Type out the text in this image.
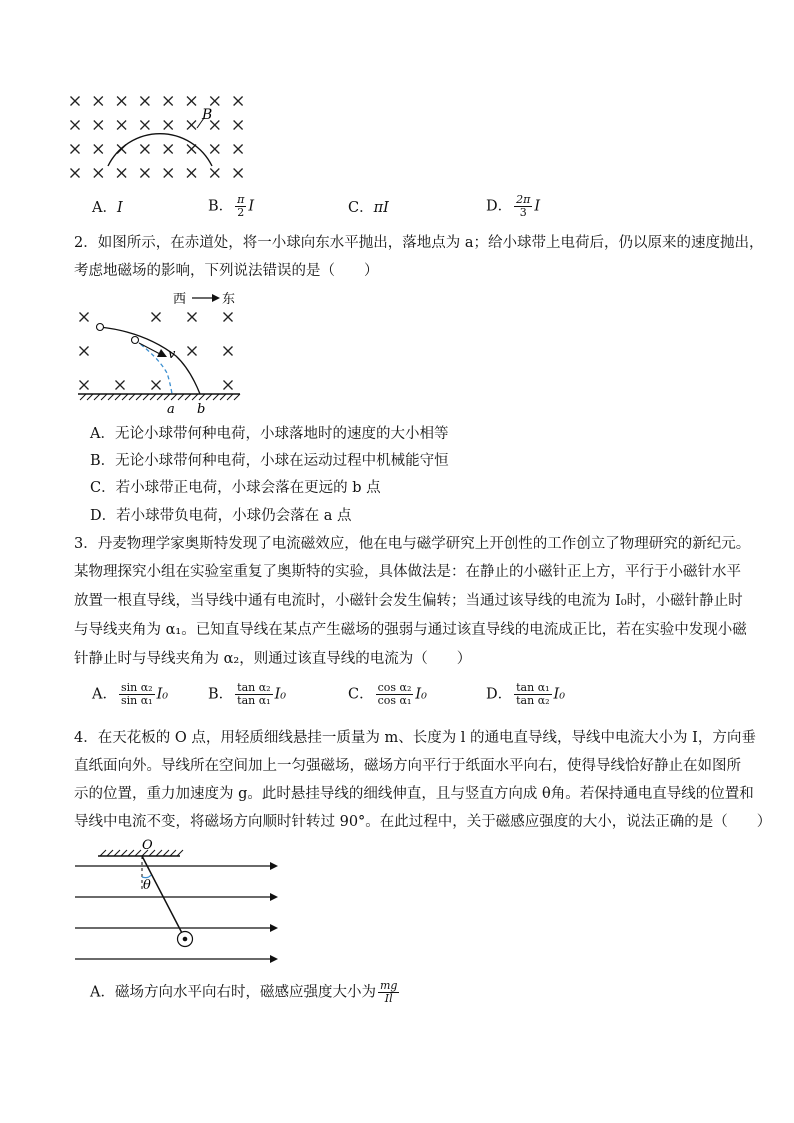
B
A．I	B． $\frac{\pi}{2}$ I	C．πI	D． $\frac{2\pi}{3}$ I
2．如图所示，在赤道处，将一小球向东水平抛出，落地点为 a；给小球带上电荷后，仍以原来的速度抛出，
考虑地磁场的影响，下列说法错误的是（　　）
西	东
v
a b
A．无论小球带何种电荷，小球落地时的速度的大小相等
B．无论小球带何种电荷，小球在运动过程中机械能守恒
C．若小球带正电荷，小球会落在更远的 b 点
D．若小球带负电荷，小球仍会落在 a 点
3．丹麦物理学家奥斯特发现了电流磁效应，他在电与磁学研究上开创性的工作创立了物理研究的新纪元。
某物理探究小组在实验室重复了奥斯特的实验，具体做法是：在静止的小磁针正上方，平行于小磁针水平
放置一根直导线，当导线中通有电流时，小磁针会发生偏转；当通过该导线的电流为 I₀时，小磁针静止时
与导线夹角为 α₁。已知直导线在某点产生磁场的强弱与通过该直导线的电流成正比，若在实验中发现小磁
针静止时与导线夹角为 α₂，则通过该直导线的电流为（　　）
A． $\frac{\text{sin α₂}}{\text{sin α₁}} I_0$	B． $\frac{\text{tan α₂}}{\text{tan α₁}} I_0$	C． $\frac{\text{cos α₂}}{\text{cos α₁}} I_0$	D． $\frac{\text{tan α₁}}{\text{tan α₂}} I_0$
4．在天花板的 O 点，用轻质细线悬挂一质量为 m、长度为 l 的通电直导线，导线中电流大小为 I，方向垂
直纸面向外。导线所在空间加上一匀强磁场，磁场方向平行于纸面水平向右，使得导线恰好静止在如图所
示的位置，重力加速度为 g。此时悬挂导线的细线伸直，且与竖直方向成 θ角。若保持通电直导线的位置和
导线中电流不变，将磁场方向顺时针转过 90°。在此过程中，关于磁感应强度的大小，说法正确的是（　　）
O
θ
A．磁场方向水平向右时，磁感应强度大小为 $\frac{mg}{Il}$
